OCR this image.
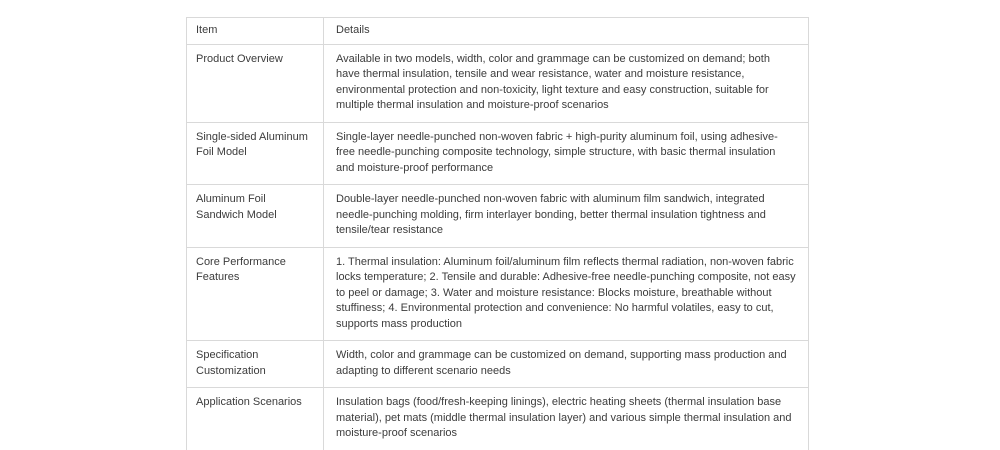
Item	Details
Product Overview	Available in two models, width, color and grammage can be customized on demand; both have thermal insulation, tensile and wear resistance, water and moisture resistance, environmental protection and non-toxicity, light texture and easy construction, suitable for multiple thermal insulation and moisture-proof scenarios
Single-sided Aluminum Foil Model	Single-layer needle-punched non-woven fabric + high-purity aluminum foil, using adhesive-free needle-punching composite technology, simple structure, with basic thermal insulation and moisture-proof performance
Aluminum Foil Sandwich Model	Double-layer needle-punched non-woven fabric with aluminum film sandwich, integrated needle-punching molding, firm interlayer bonding, better thermal insulation tightness and tensile/tear resistance
Core Performance Features	1. Thermal insulation: Aluminum foil/aluminum film reflects thermal radiation, non-woven fabric locks temperature; 2. Tensile and durable: Adhesive-free needle-punching composite, not easy to peel or damage; 3. Water and moisture resistance: Blocks moisture, breathable without stuffiness; 4. Environmental protection and convenience: No harmful volatiles, easy to cut, supports mass production
Specification Customization	Width, color and grammage can be customized on demand, supporting mass production and adapting to different scenario needs
Application Scenarios	Insulation bags (food/fresh-keeping linings), electric heating sheets (thermal insulation base material), pet mats (middle thermal insulation layer) and various simple thermal insulation and moisture-proof scenarios
